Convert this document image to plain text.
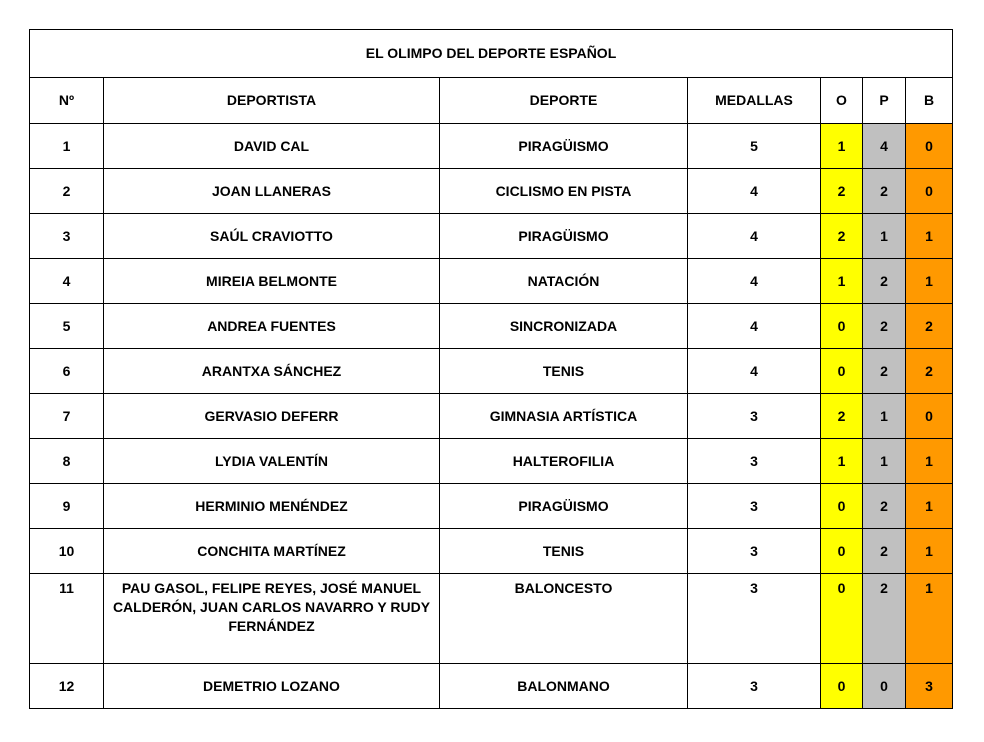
EL OLIMPO DEL DEPORTE ESPAÑOL						
Nº	DEPORTISTA	DEPORTE	MEDALLAS	O	P	B
1	DAVID CAL	PIRAGÜISMO	5	1	4	0
2	JOAN LLANERAS	CICLISMO EN PISTA	4	2	2	0
3	SAÚL CRAVIOTTO	PIRAGÜISMO	4	2	1	1
4	MIREIA BELMONTE	NATACIÓN	4	1	2	1
5	ANDREA FUENTES	SINCRONIZADA	4	0	2	2
6	ARANTXA SÁNCHEZ	TENIS	4	0	2	2
7	GERVASIO DEFERR	GIMNASIA ARTÍSTICA	3	2	1	0
8	LYDIA VALENTÍN	HALTEROFILIA	3	1	1	1
9	HERMINIO MENÉNDEZ	PIRAGÜISMO	3	0	2	1
10	CONCHITA MARTÍNEZ	TENIS	3	0	2	1
11	PAU GASOL, FELIPE REYES, JOSÉ MANUEL CALDERÓN, JUAN CARLOS NAVARRO Y RUDY FERNÁNDEZ	BALONCESTO	3	0	2	1
12	DEMETRIO LOZANO	BALONMANO	3	0	0	3
